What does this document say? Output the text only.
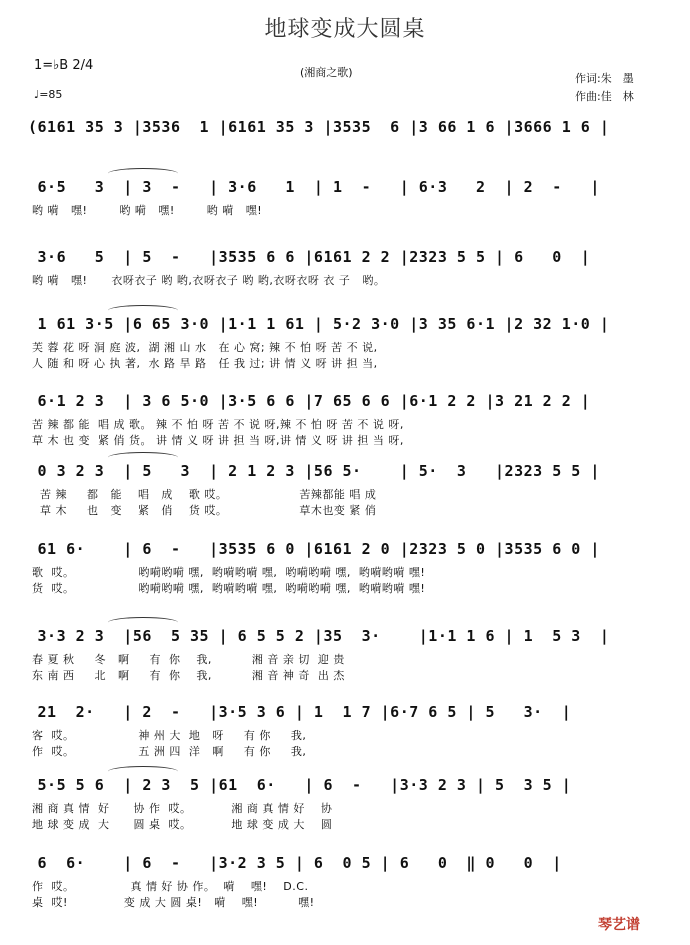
地球变成大圆桌
1=♭B 2/4
♩=85
(湘商之歌)	作词:朱　墨
作曲:佳　林
(6161 35 3 |3536  1 |6161 35 3 |3535  6 |3 66 1 6 |3666 1 6 |
6·5   3  | 3  -   | 3·6   1  | 1  -   | 6·3   2  | 2  -   |
哟 嗬   嘿!        哟 嗬   嘿!        哟 嗬   嘿!
3·6   5  | 5  -   |3535 6 6 |6161 2 2 |2323 5 5 | 6   0  |
哟 嗬   嘿!      衣呀衣子 哟 哟,衣呀衣子 哟 哟,衣呀衣呀 衣 子   哟。
1 61 3·5 |6 65 3·0 |1·1 1 61 | 5·2 3·0 |3 35 6·1 |2 32 1·0 |
芙 蓉 花 呀 洞 庭 波,  湖 湘 山 水   在 心 窝; 辣 不 怕 呀 苦 不 说,
人 随 和 呀 心 执 著,  水 路 旱 路   任 我 过; 讲 情 义 呀 讲 担 当,
6·1 2 3  | 3 6 5·0 |3·5 6 6 |7 65 6 6 |6·1 2 2 |3 21 2 2 |
苦 辣 都 能  唱 成 歌。 辣 不 怕 呀 苦 不 说 呀,辣 不 怕 呀 苦 不 说 呀,
草 木 也 变  紧 俏 货。 讲 情 义 呀 讲 担 当 呀,讲 情 义 呀 讲 担 当 呀,
0 3 2 3  | 5   3  | 2 1 2 3 |56 5·    | 5·  3   |2323 5 5 |
苦 辣     都   能    唱   成    歌 哎。                  苦辣都能 唱 成
草 木     也   变    紧   俏    货 哎。                  草木也变 紧 俏
61 6·    | 6  -   |3535 6 0 |6161 2 0 |2323 5 0 |3535 6 0 |
歌  哎。                哟嗬哟嗬 嘿,  哟嗬哟嗬 嘿,  哟嗬哟嗬 嘿,  哟嗬哟嗬 嘿!
货  哎。                哟嗬哟嗬 嘿,  哟嗬哟嗬 嘿,  哟嗬哟嗬 嘿,  哟嗬哟嗬 嘿!
3·3 2 3  |56  5 35 | 6 5 5 2 |35  3·    |1·1 1 6 | 1  5 3  |
春 夏 秋     冬   啊     有  你    我,          湘 音 亲 切  迎 贵
东 南 西     北   啊     有  你    我,          湘 音 神 奇  出 杰
21  2·   | 2  -   |3·5 3 6 | 1  1 7 |6·7 6 5 | 5   3·  |
客  哎。                神 州 大  地   呀     有 你     我,
作  哎。                五 洲 四  洋   啊     有 你     我,
5·5 5 6  | 2 3  5 |61  6·   | 6  -   |3·3 2 3 | 5  3 5 |
湘 商 真 情  好      协 作  哎。          湘 商 真 情 好    协
地 球 变 成  大      圆 桌  哎。          地 球 变 成 大    圆
6  6·    | 6  -   |3·2 3 5 | 6  0 5 | 6   0  ‖ 0   0  |
作  哎。              真 情 好 协 作。  嗬    嘿!    D.C.
桌  哎!              变 成 大 圆 桌!   嗬    嘿!          嘿!
琴艺谱
